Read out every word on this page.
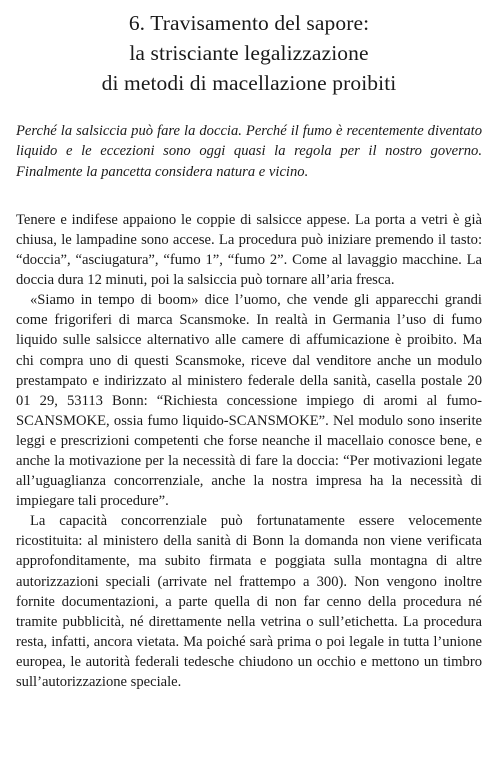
6. Travisamento del sapore:
la strisciante legalizzazione
di metodi di macellazione proibiti

Perché la salsiccia può fare la doccia. Perché il fumo è recentemente diventato liquido e le eccezioni sono oggi quasi la regola per il nostro governo. Finalmente la pancetta considera natura e vicino.

Tenere e indifese appaiono le coppie di salsicce appese. La porta a vetri è già chiusa, le lampadine sono accese. La procedura può iniziare premendo il tasto: “doccia”, “asciugatura”, “fumo 1”, “fumo 2”. Come al lavaggio macchine. La doccia dura 12 minuti, poi la salsiccia può tornare all’aria fresca.

«Siamo in tempo di boom» dice l’uomo, che vende gli apparecchi grandi come frigoriferi di marca Scansmoke. In realtà in Germania l’uso di fumo liquido sulle salsicce alternativo alle camere di affumicazione è proibito. Ma chi compra uno di questi Scansmoke, riceve dal venditore anche un modulo prestampato e indirizzato al ministero federale della sanità, casella postale 20 01 29, 53113 Bonn: “Richiesta concessione impiego di aromi al fumo-SCANSMOKE, ossia fumo liquido-SCANSMOKE”. Nel modulo sono inserite leggi e prescrizioni competenti che forse neanche il macellaio conosce bene, e anche la motivazione per la necessità di fare la doccia: “Per motivazioni legate all’uguaglianza concorrenziale, anche la nostra impresa ha la necessità di impiegare tali procedure”.

La capacità concorrenziale può fortunatamente essere velocemente ricostituita: al ministero della sanità di Bonn la domanda non viene verificata approfonditamente, ma subito firmata e poggiata sulla montagna di altre autorizzazioni speciali (arrivate nel frattempo a 300). Non vengono inoltre fornite documentazioni, a parte quella di non far cenno della procedura né tramite pubblicità, né direttamente nella vetrina o sull’etichetta. La procedura resta, infatti, ancora vietata. Ma poiché sarà prima o poi legale in tutta l’unione europea, le autorità federali tedesche chiudono un occhio e mettono un timbro sull’autorizzazione speciale.
